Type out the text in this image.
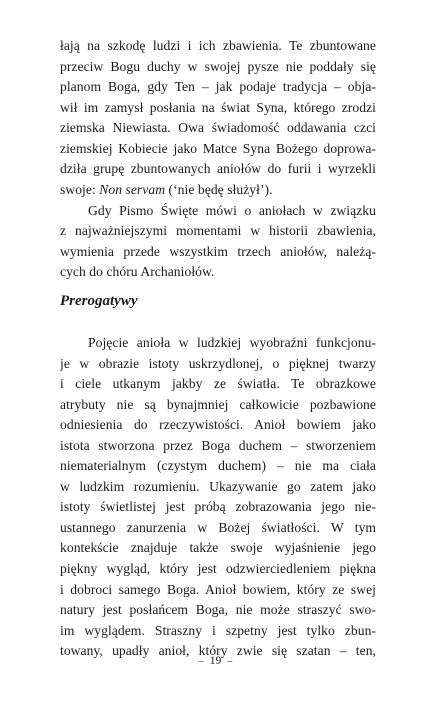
łają na szkodę ludzi i ich zbawienia. Te zbuntowane
przeciw Bogu duchy w swojej pysze nie poddały się
planom Boga, gdy Ten – jak podaje tradycja – obja-
wił im zamysł posłania na świat Syna, którego zrodzi
ziemska Niewiasta. Owa świadomość oddawania czci
ziemskiej Kobiecie jako Matce Syna Bożego doprowa-
dziła grupę zbuntowanych aniołów do furii i wyrzekli
swoje: Non servam (‘nie będę służył’).
Gdy Pismo Święte mówi o aniołach w związku
z najważniejszymi momentami w historii zbawienia,
wymienia przede wszystkim trzech aniołów, należą-
cych do chóru Archaniołów.
Prerogatywy
Pojęcie anioła w ludzkiej wyobraźni funkcjonu-
je w obrazie istoty uskrzydlonej, o pięknej twarzy
i ciele utkanym jakby ze światła. Te obrazkowe
atrybuty nie są bynajmniej całkowicie pozbawione
odniesienia do rzeczywistości. Anioł bowiem jako
istota stworzona przez Boga duchem – stworzeniem
niematerialnym (czystym duchem) – nie ma ciała
w ludzkim rozumieniu. Ukazywanie go zatem jako
istoty świetlistej jest próbą zobrazowania jego nie-
ustannego zanurzenia w Bożej światłości. W tym
kontekście znajduje także swoje wyjaśnienie jego
piękny wygląd, który jest odzwierciedleniem piękna
i dobroci samego Boga. Anioł bowiem, który ze swej
natury jest posłańcem Boga, nie może straszyć swo-
im wyglądem. Straszny i szpetny jest tylko zbun-
towany, upadły anioł, który zwie się szatan – ten,
– 19 –
